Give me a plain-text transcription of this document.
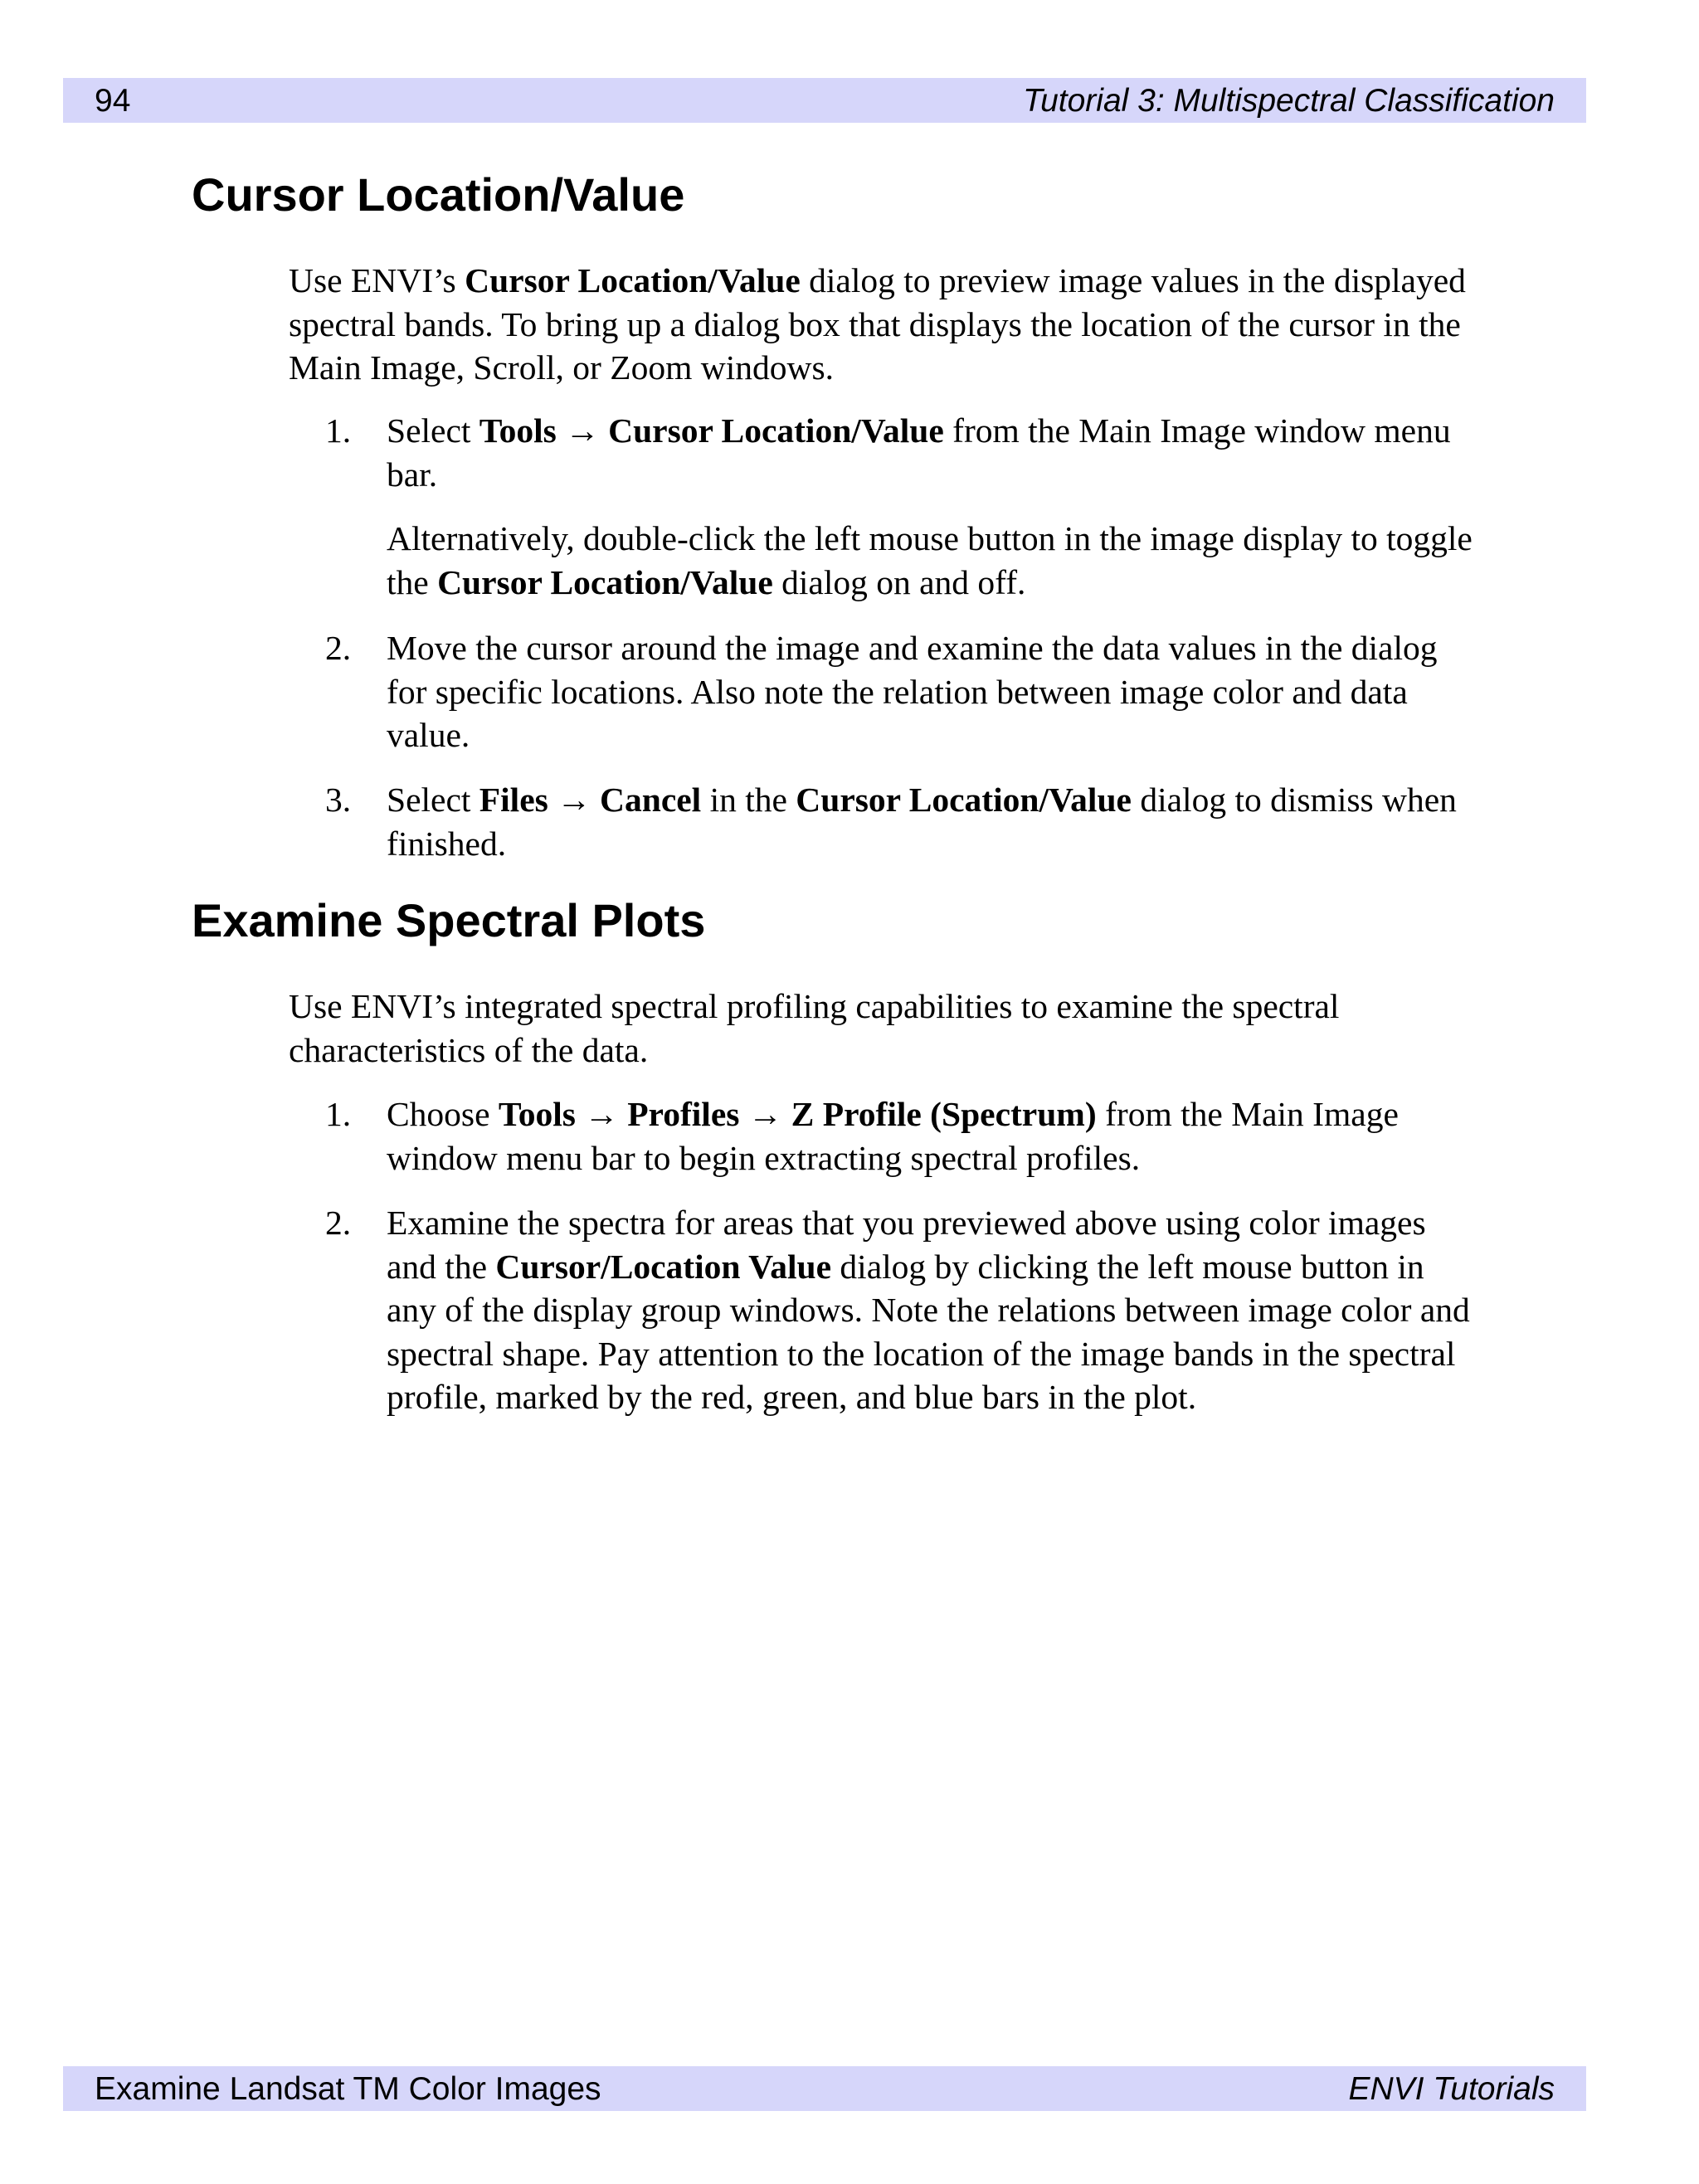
94	Tutorial 3: Multispectral Classification
Cursor Location/Value
Use ENVI’s Cursor Location/Value dialog to preview image values in the displayed
spectral bands. To bring up a dialog box that displays the location of the cursor in the
Main Image, Scroll, or Zoom windows.
1. Select Tools → Cursor Location/Value from the Main Image window menu
bar.
Alternatively, double-click the left mouse button in the image display to toggle
the Cursor Location/Value dialog on and off.
2. Move the cursor around the image and examine the data values in the dialog
for specific locations. Also note the relation between image color and data
value.
3. Select Files → Cancel in the Cursor Location/Value dialog to dismiss when
finished.
Examine Spectral Plots
Use ENVI’s integrated spectral profiling capabilities to examine the spectral
characteristics of the data.
1. Choose Tools → Profiles → Z Profile (Spectrum) from the Main Image
window menu bar to begin extracting spectral profiles.
2. Examine the spectra for areas that you previewed above using color images
and the Cursor/Location Value dialog by clicking the left mouse button in
any of the display group windows. Note the relations between image color and
spectral shape. Pay attention to the location of the image bands in the spectral
profile, marked by the red, green, and blue bars in the plot.
Examine Landsat TM Color Images	ENVI Tutorials
